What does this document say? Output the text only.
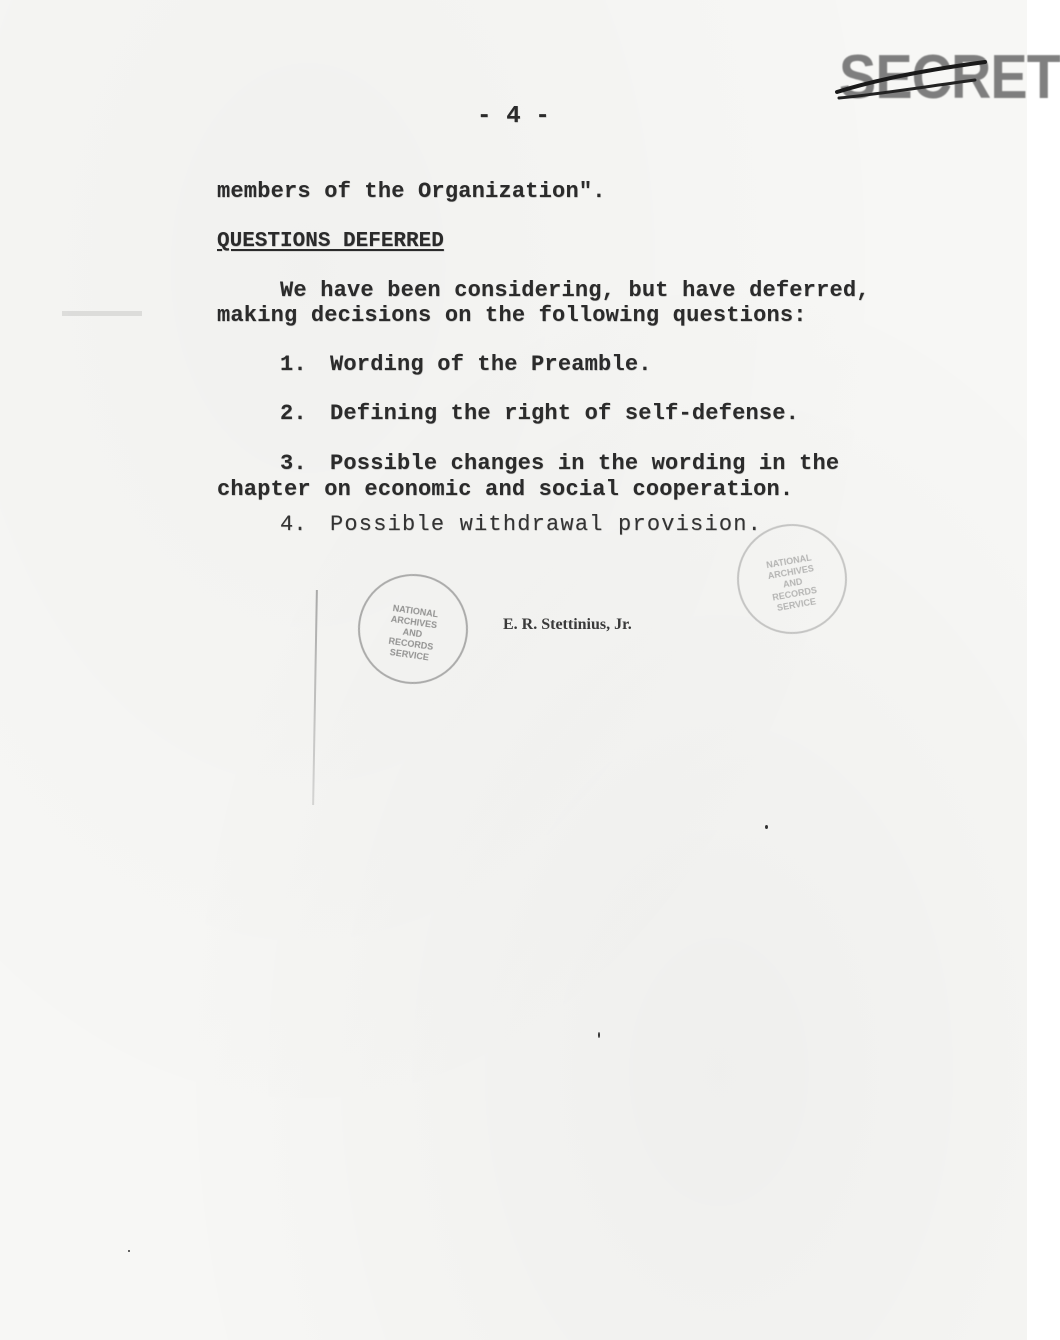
SECRET
- 4 -
members of the Organization".
QUESTIONS DEFERRED
We have been considering, but have deferred,
making decisions on the following questions:
1. Wording of the Preamble.
2. Defining the right of self-defense.
3. Possible changes in the wording in the
chapter on economic and social cooperation.
4. Possible withdrawal provision.
NATIONAL ARCHIVES AND RECORDS SERVICE
NATIONAL ARCHIVES AND RECORDS SERVICE
E. R. Stettinius, Jr.
